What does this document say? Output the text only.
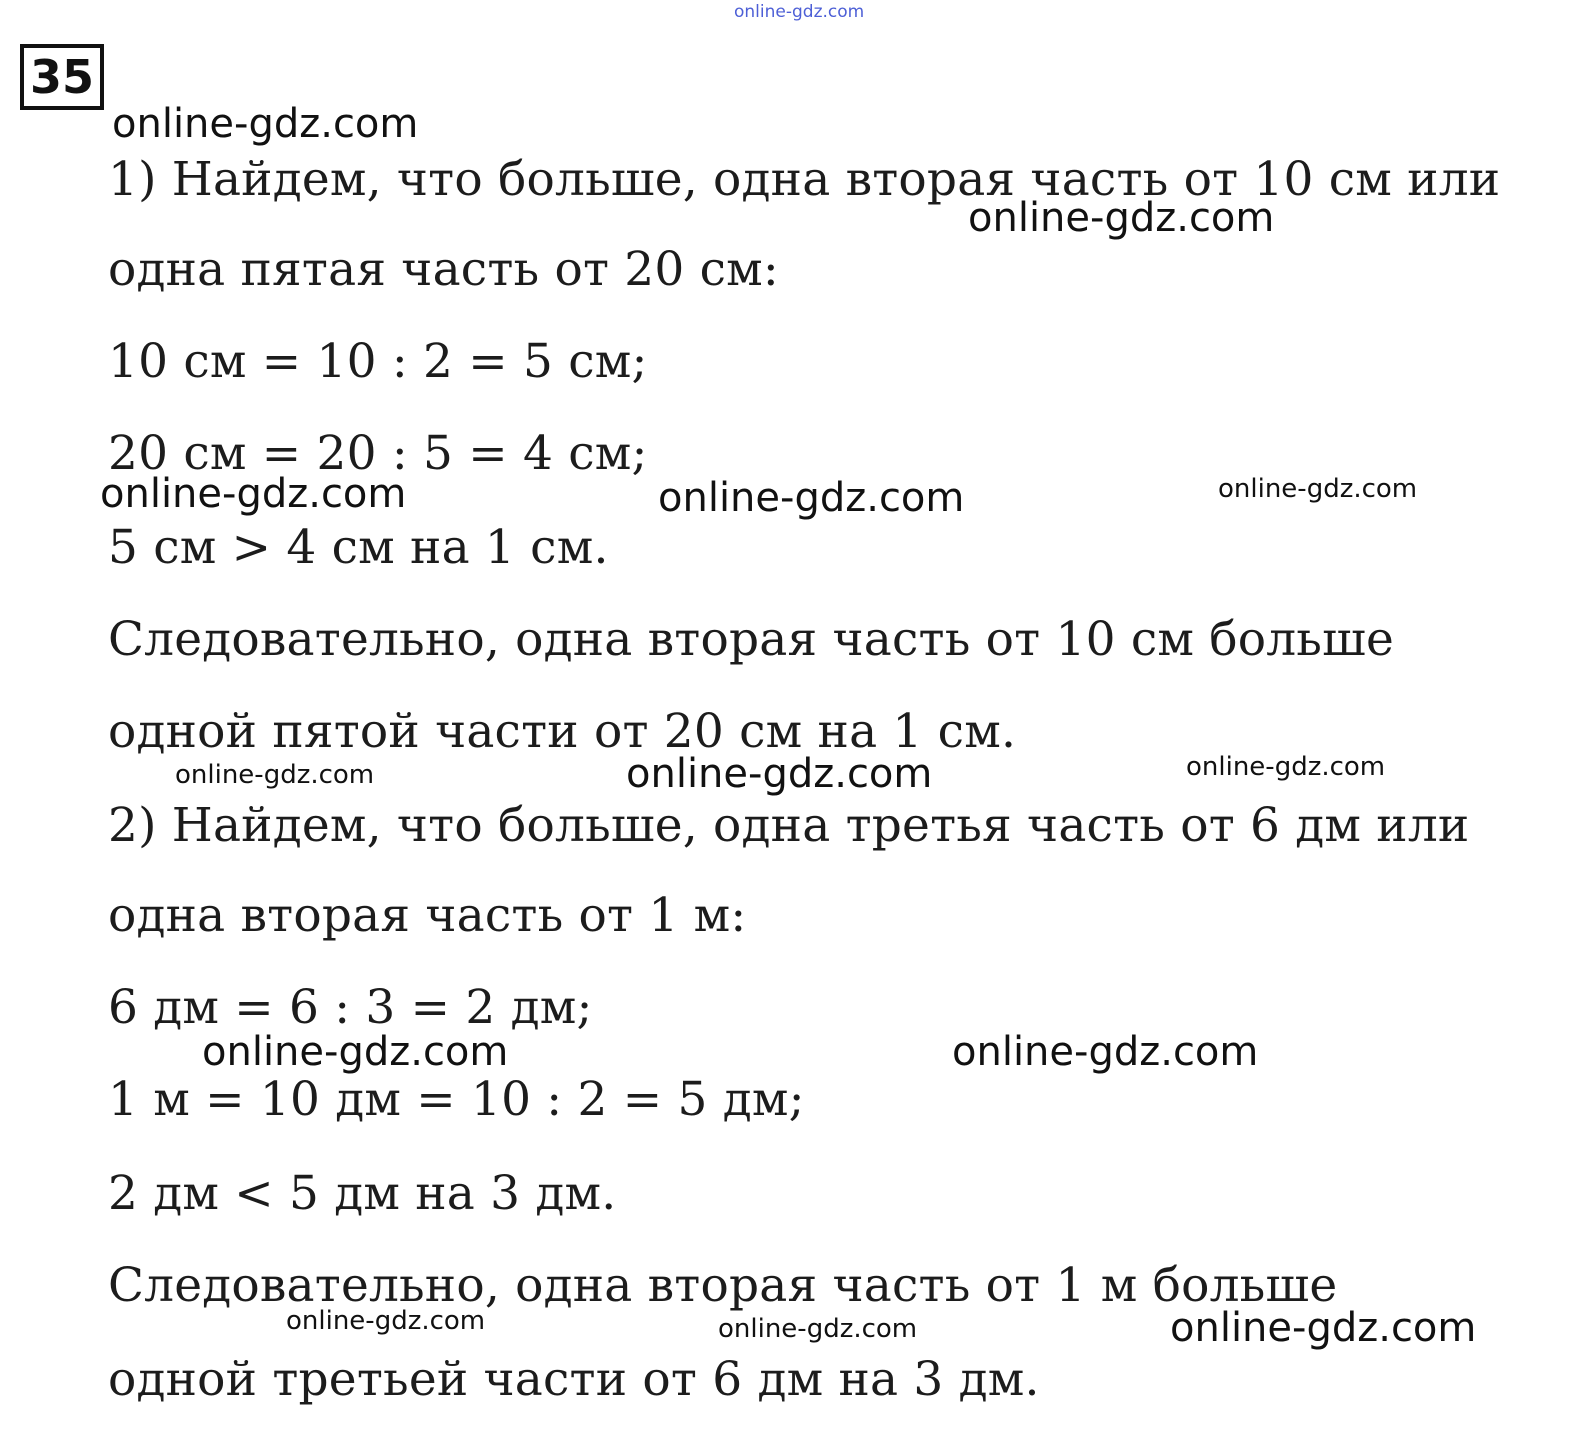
online-gdz.com
35
1) Найдем, что больше, одна вторая часть от 10 см или
одна пятая часть от 20 см:
10 см = 10 : 2 = 5 см;
20 см = 20 : 5 = 4 см;
5 см > 4 см на 1 см.
Следовательно, одна вторая часть от 10 см больше
одной пятой части от 20 см на 1 см.
2) Найдем, что больше, одна третья часть от 6 дм или
одна вторая часть от 1 м:
6 дм = 6 : 3 = 2 дм;
1 м = 10 дм = 10 : 2 = 5 дм;
2 дм < 5 дм на 3 дм.
Следовательно, одна вторая часть от 1 м больше
одной третьей части от 6 дм на 3 дм.
online-gdz.com
online-gdz.com
online-gdz.com	online-gdz.com	online-gdz.com
online-gdz.com	online-gdz.com	online-gdz.com
online-gdz.com	online-gdz.com
online-gdz.com	online-gdz.com	online-gdz.com
